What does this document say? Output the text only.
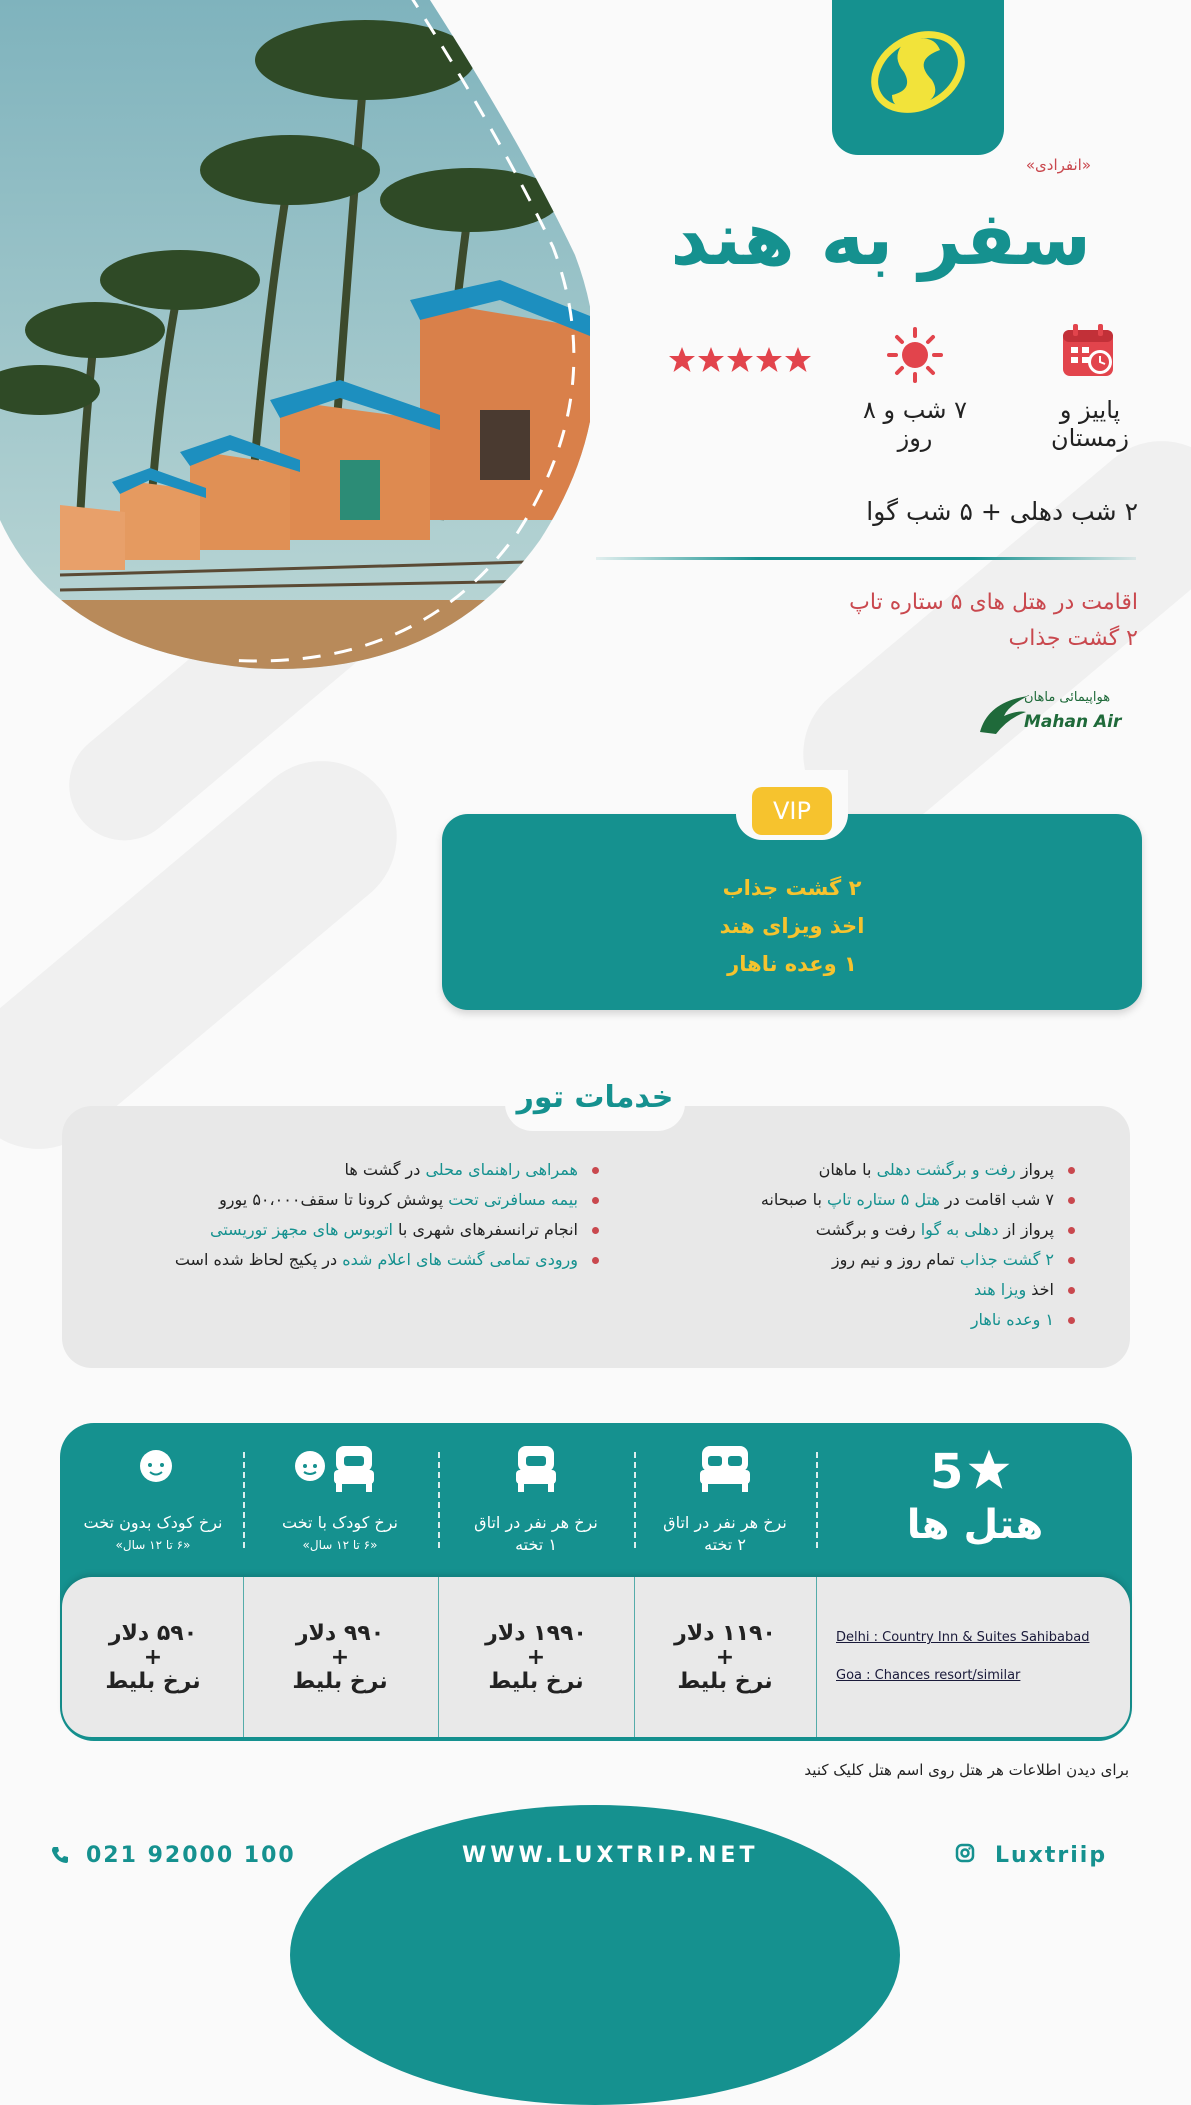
«انفرادی»
سفر به هند
پاییز و زمستان
۷ شب و ۸ روز
۲ شب دهلی + ۵ شب گوا
اقامت در هتل های ۵ ستاره تاپ
۲ گشت جذاب
هواپیمائی ماهان
Mahan Air
VIP
۲ گشت جذاب
اخذ ویزای هند
۱ وعده ناهار
خدمات تور
پرواز رفت و برگشت دهلی با ماهان
۷ شب اقامت در هتل ۵ ستاره تاپ با صبحانه
پرواز از دهلی به گوا رفت و برگشت
۲ گشت جذاب تمام روز و نیم روز
اخذ ویزا هند
۱ وعده ناهار
همراهی راهنمای محلی در گشت ها
بیمه مسافرتی تحت پوشش کرونا تا سقف۵۰،۰۰۰ یورو
انجام ترانسفرهای شهری با اتوبوس های مجهز توریستی
ورودی تمامی گشت های اعلام شده در پکیج لحاظ شده است
5
هتل ها
نرخ هر نفر در اتاق
۲ تخته
۱۱۹۰ دلار
+
نرخ بلیط
نرخ هر نفر در اتاق
۱ تخته
۱۹۹۰ دلار
+
نرخ بلیط
نرخ کودک با تخت
«۶ تا ۱۲ سال»
۹۹۰ دلار
+
نرخ بلیط
نرخ کودک بدون تخت
«۶ تا ۱۲ سال»
۵۹۰ دلار
+
نرخ بلیط
Delhi : Country Inn & Suites Sahibabad
Goa : Chances resort/similar
برای دیدن اطلاعات هر هتل روی اسم هتل کلیک کنید
021 92000 100	WWW.LUXTRIP.NET	Luxtriip
